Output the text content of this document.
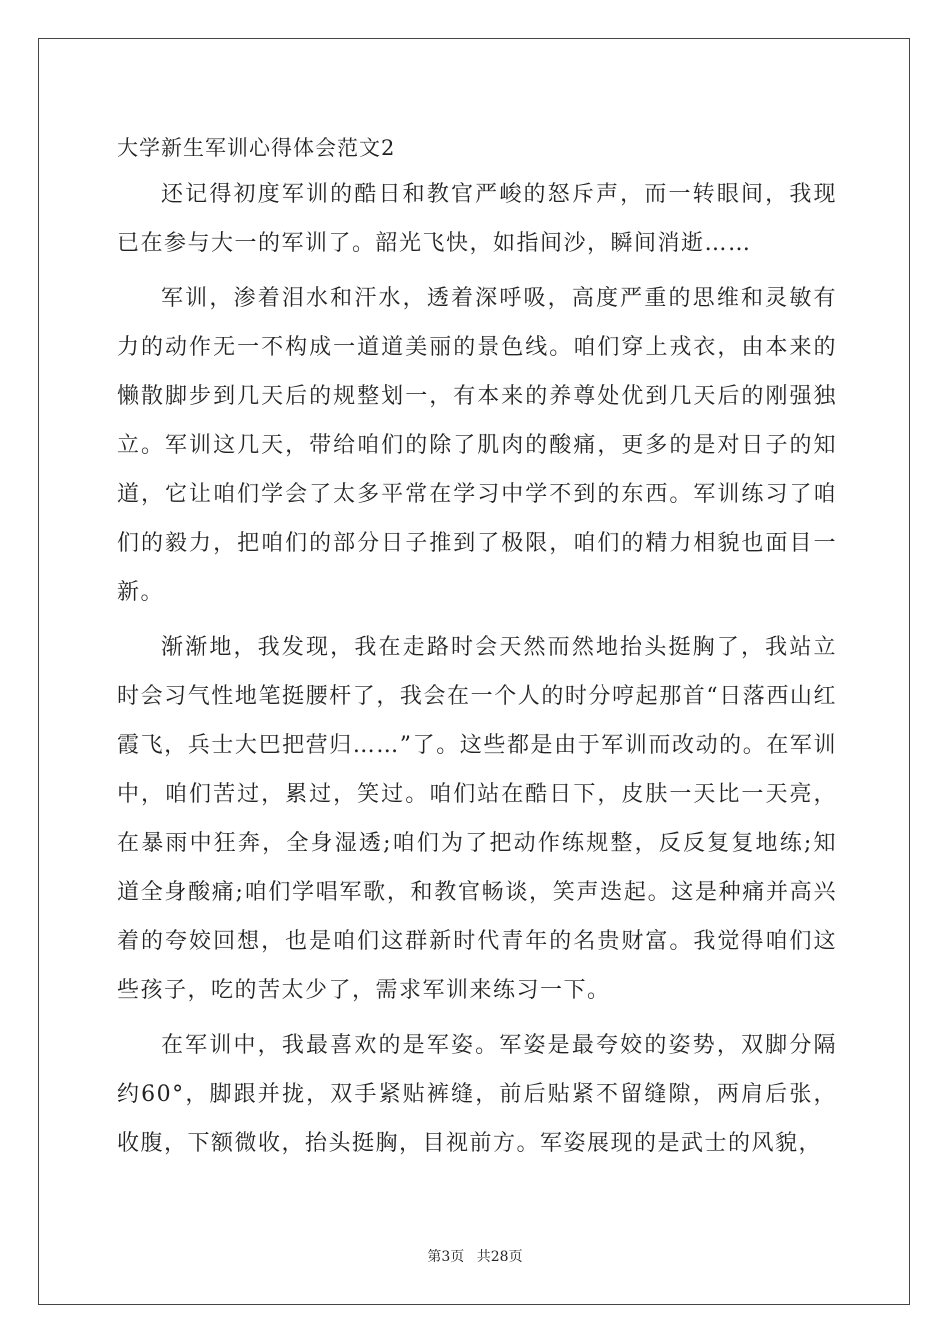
大学新生军训心得体会范文2

还记得初度军训的酷日和教官严峻的怒斥声，而一转眼间，我现已在参与大一的军训了。韶光飞快，如指间沙，瞬间消逝……

军训，渗着泪水和汗水，透着深呼吸，高度严重的思维和灵敏有力的动作无一不构成一道道美丽的景色线。咱们穿上戎衣，由本来的懒散脚步到几天后的规整划一，有本来的养尊处优到几天后的刚强独立。军训这几天，带给咱们的除了肌肉的酸痛，更多的是对日子的知道，它让咱们学会了太多平常在学习中学不到的东西。军训练习了咱们的毅力，把咱们的部分日子推到了极限，咱们的精力相貌也面目一新。

渐渐地，我发现，我在走路时会天然而然地抬头挺胸了，我站立时会习气性地笔挺腰杆了，我会在一个人的时分哼起那首“日落西山红霞飞，兵士大巴把营归……”了。这些都是由于军训而改动的。在军训中，咱们苦过，累过，笑过。咱们站在酷日下，皮肤一天比一天亮，在暴雨中狂奔，全身湿透;咱们为了把动作练规整，反反复复地练;知道全身酸痛;咱们学唱军歌，和教官畅谈，笑声迭起。这是种痛并高兴着的夸姣回想，也是咱们这群新时代青年的名贵财富。我觉得咱们这些孩子，吃的苦太少了，需求军训来练习一下。

在军训中，我最喜欢的是军姿。军姿是最夸姣的姿势，双脚分隔约60°，脚跟并拢，双手紧贴裤缝，前后贴紧不留缝隙，两肩后张，收腹，下额微收，抬头挺胸，目视前方。军姿展现的是武士的风貌，

第3页 共28页
